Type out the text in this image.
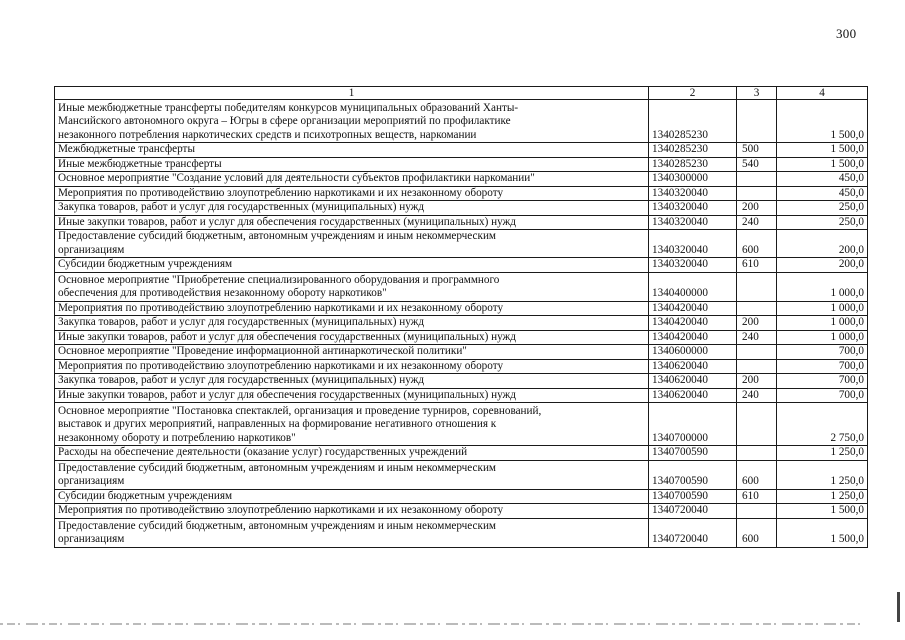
300
1	2	3	4
Иные межбюджетные трансферты победителям конкурсов муниципальных образований Ханты-
Мансийского автономного округа – Югры в сфере организации мероприятий по профилактике
незаконного потребления наркотических средств и психотропных веществ, наркомании	1340285230		1 500,0
Межбюджетные трансферты	1340285230	500	1 500,0
Иные межбюджетные трансферты	1340285230	540	1 500,0
Основное мероприятие "Создание условий для деятельности субъектов профилактики наркомании"	1340300000		450,0
Мероприятия по противодействию злоупотреблению наркотиками и их незаконному обороту	1340320040		450,0
Закупка товаров, работ и услуг для государственных (муниципальных) нужд	1340320040	200	250,0
Иные закупки товаров, работ и услуг для обеспечения государственных (муниципальных) нужд	1340320040	240	250,0
Предоставление субсидий бюджетным, автономным учреждениям и иным некоммерческим
организациям	1340320040	600	200,0
Субсидии бюджетным учреждениям	1340320040	610	200,0
Основное мероприятие "Приобретение специализированного оборудования и программного
обеспечения для противодействия незаконному обороту наркотиков"	1340400000		1 000,0
Мероприятия по противодействию злоупотреблению наркотиками и их незаконному обороту	1340420040		1 000,0
Закупка товаров, работ и услуг для государственных (муниципальных) нужд	1340420040	200	1 000,0
Иные закупки товаров, работ и услуг для обеспечения государственных (муниципальных) нужд	1340420040	240	1 000,0
Основное мероприятие "Проведение информационной антинаркотической политики"	1340600000		700,0
Мероприятия по противодействию злоупотреблению наркотиками и их незаконному обороту	1340620040		700,0
Закупка товаров, работ и услуг для государственных (муниципальных) нужд	1340620040	200	700,0
Иные закупки товаров, работ и услуг для обеспечения государственных (муниципальных) нужд	1340620040	240	700,0
Основное мероприятие "Постановка спектаклей, организация и проведение турниров, соревнований,
выставок и других мероприятий, направленных на формирование негативного отношения к
незаконному обороту и потреблению наркотиков"	1340700000		2 750,0
Расходы на обеспечение деятельности (оказание услуг) государственных учреждений	1340700590		1 250,0
Предоставление субсидий бюджетным, автономным учреждениям и иным некоммерческим
организациям	1340700590	600	1 250,0
Субсидии бюджетным учреждениям	1340700590	610	1 250,0
Мероприятия по противодействию злоупотреблению наркотиками и их незаконному обороту	1340720040		1 500,0
Предоставление субсидий бюджетным, автономным учреждениям и иным некоммерческим
организациям	1340720040	600	1 500,0
